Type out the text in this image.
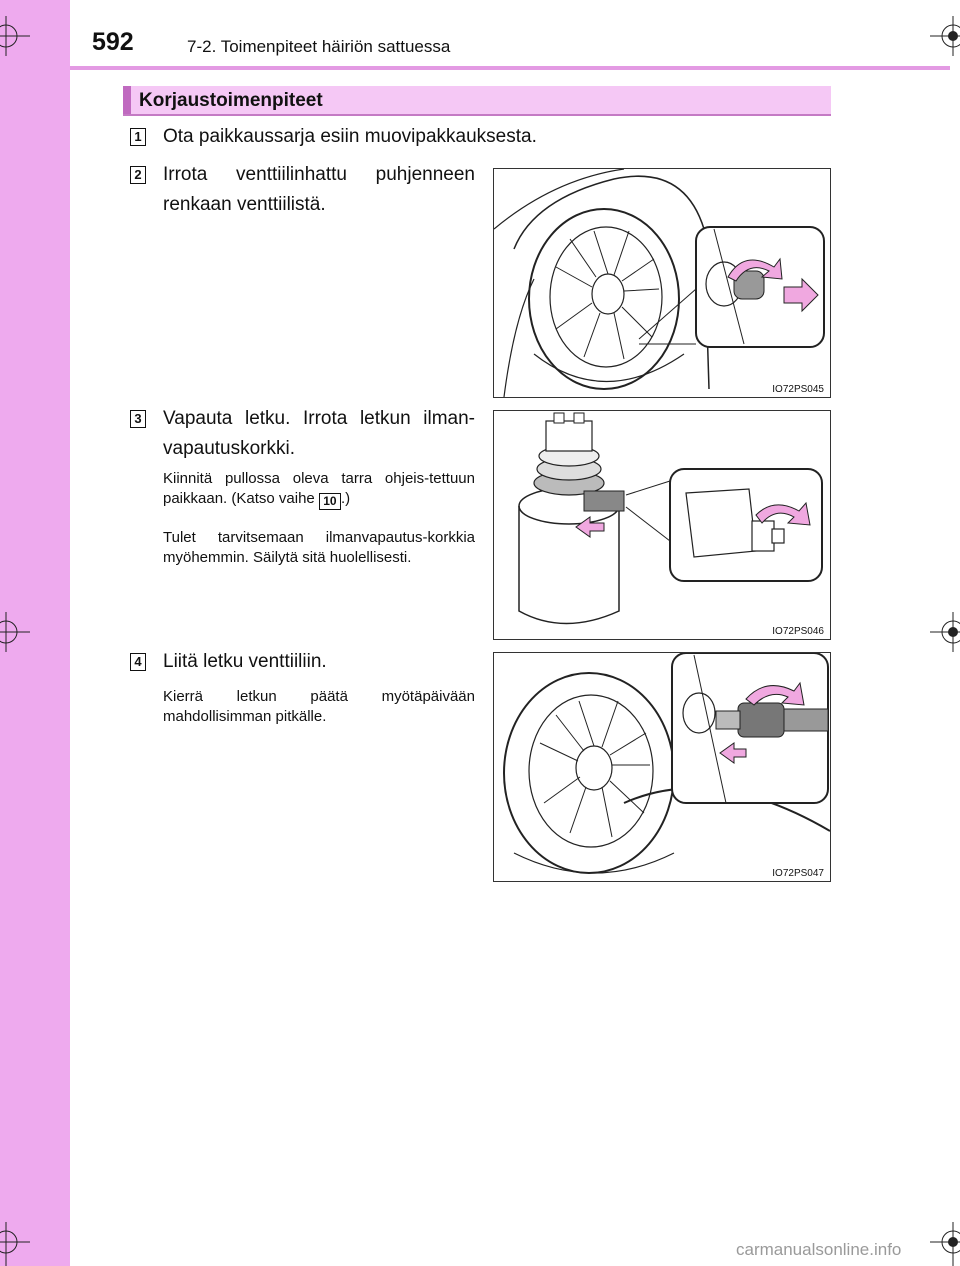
592	7-2. Toimenpiteet häiriön sattuessa
Korjaustoimenpiteet
1 Ota paikkaussarja esiin muovipakkauksesta.
2 Irrota venttiilinhattu puhjenneen renkaan venttiilistä.
IO72PS045
3 Vapauta letku. Irrota letkun ilman-vapautuskorkki.
Kiinnitä pullossa oleva tarra ohjeis-tettuun paikkaan. (Katso vaihe 10 .)
Tulet tarvitsemaan ilmanvapautus-korkkia myöhemmin. Säilytä sitä huolellisesti.
IO72PS046
4 Liitä letku venttiiliin.
Kierrä letkun päätä myötäpäivään mahdollisimman pitkälle.
IO72PS047
carmanualsonline.info
